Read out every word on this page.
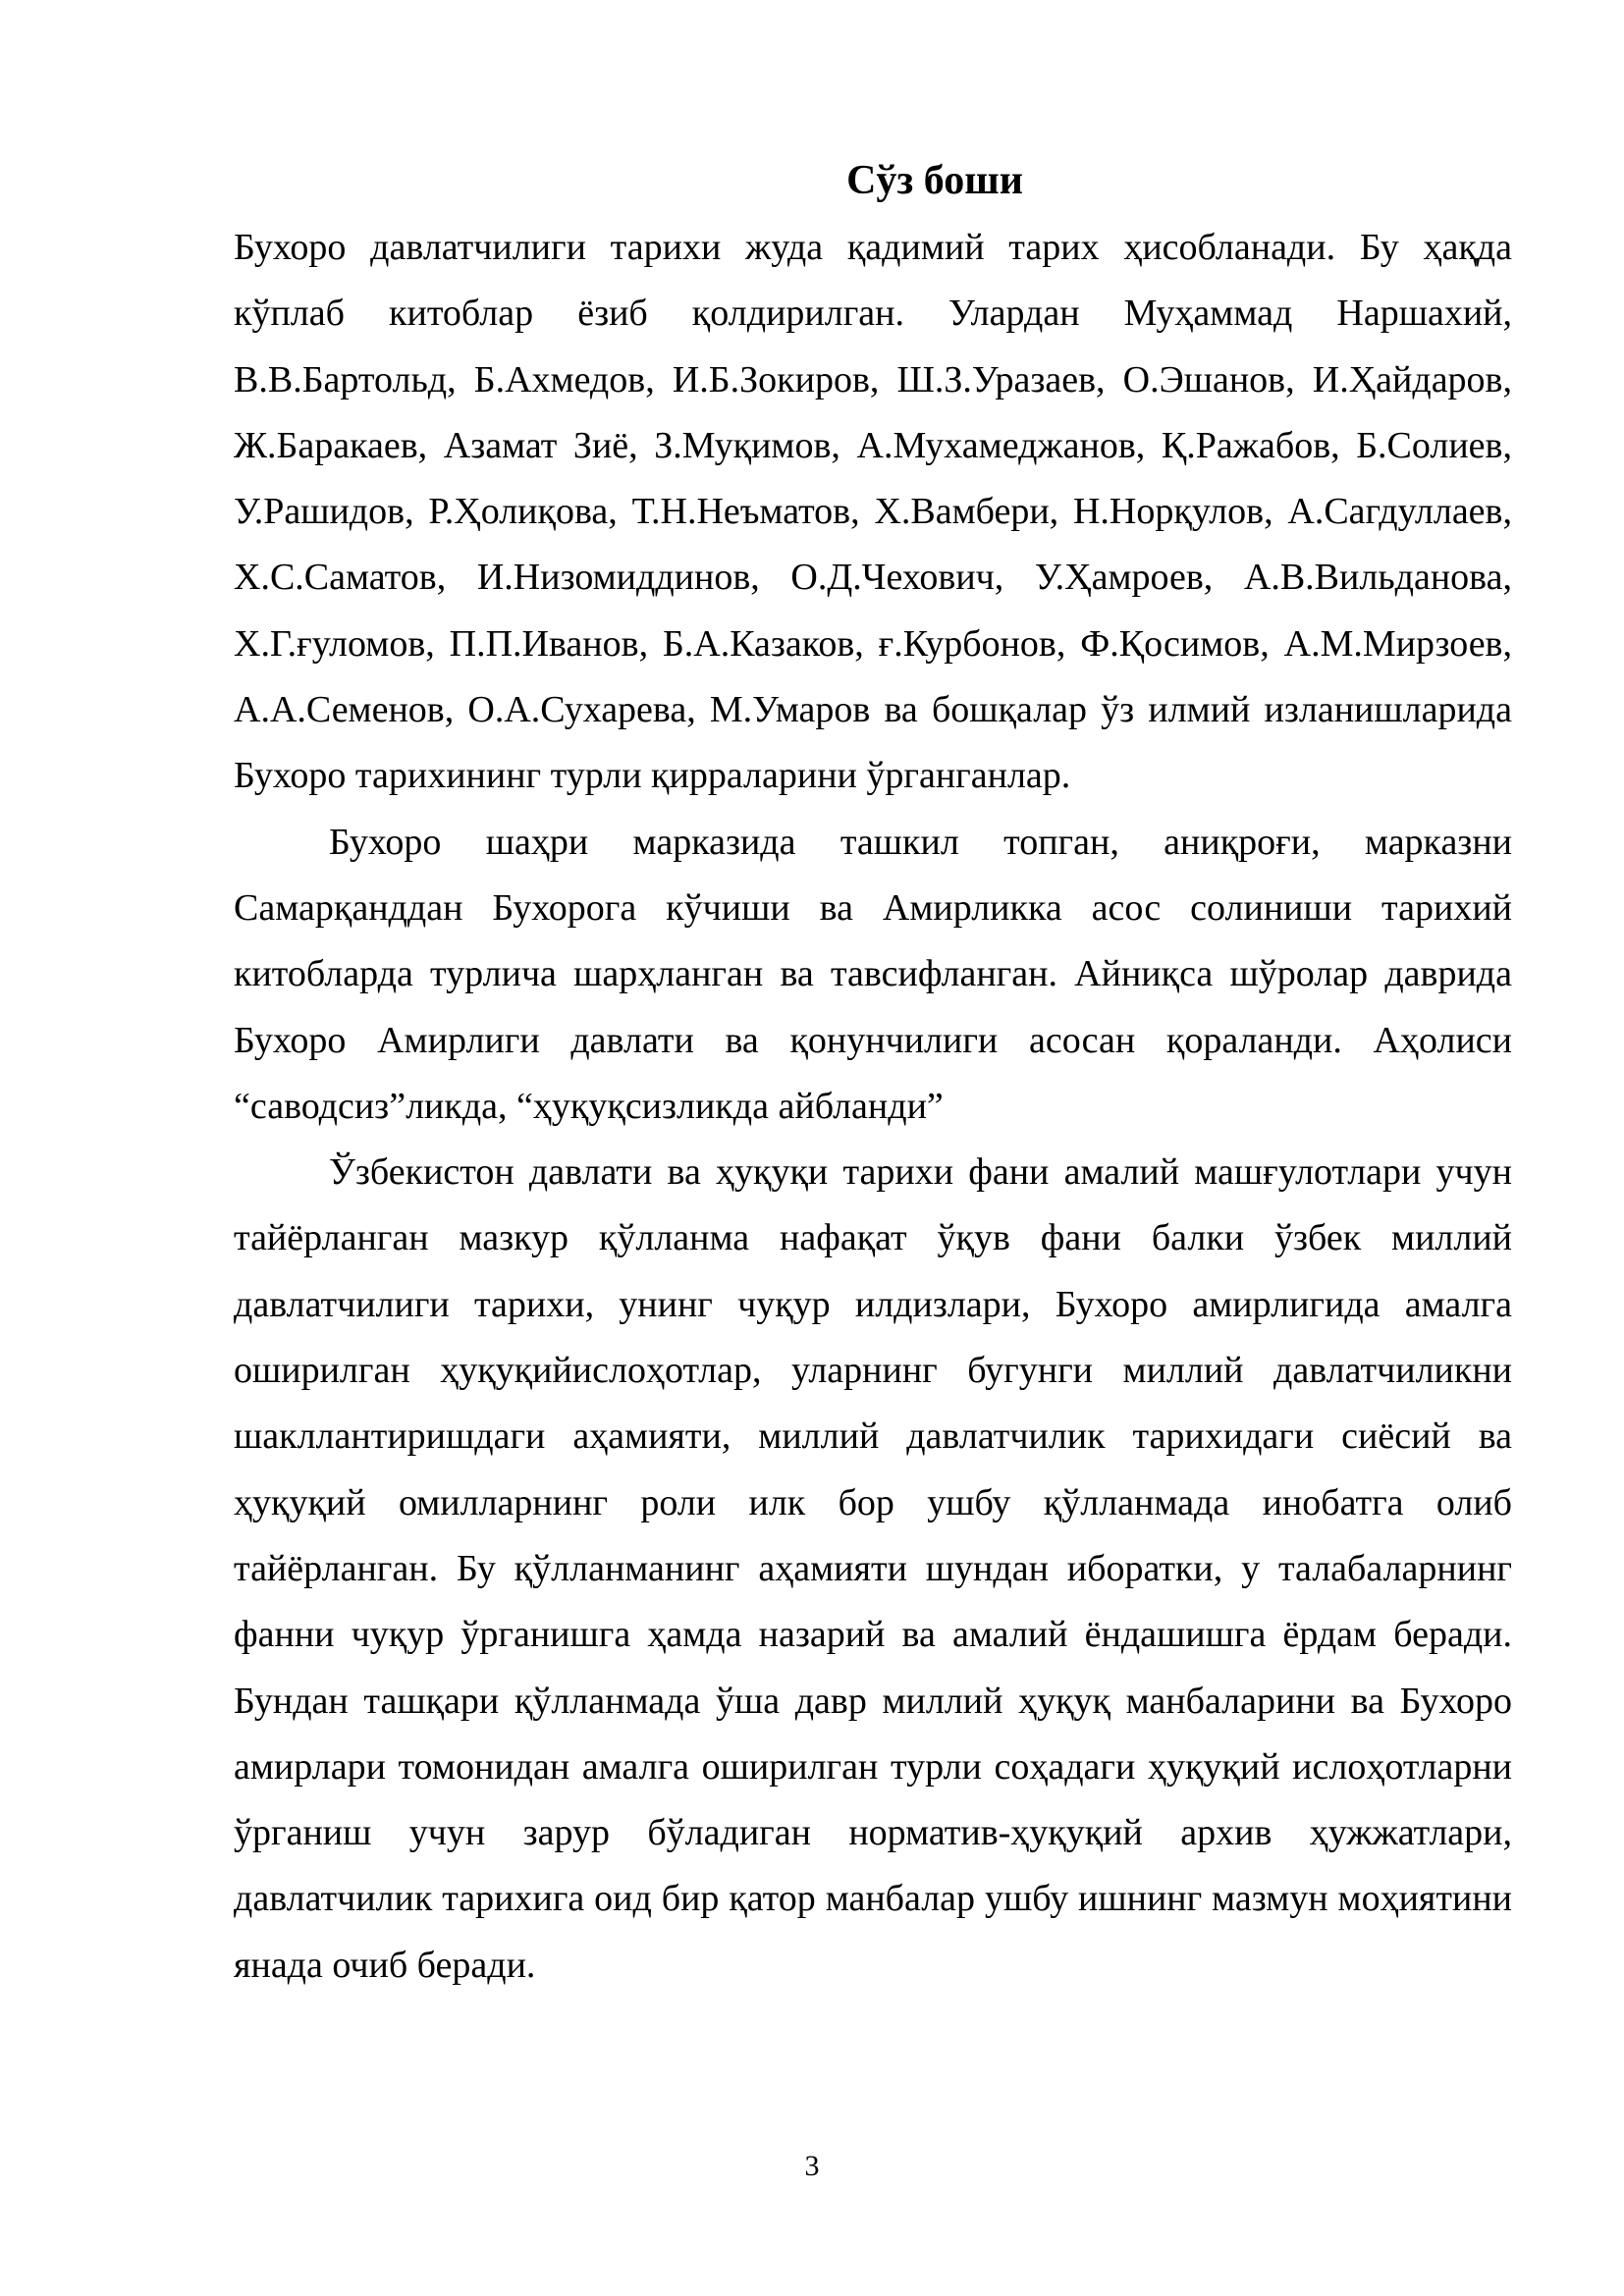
Сўз боши

Бухоро давлатчилиги тарихи жуда қадимий тарих ҳисобланади. Бу ҳақда кўплаб китоблар ёзиб қолдирилган. Улардан Муҳаммад Наршахий, В.В.Бартольд, Б.Ахмедов, И.Б.Зокиров, Ш.З.Уразаев, О.Эшанов, И.Ҳайдаров, Ж.Баракаев, Азамат Зиё, З.Муқимов, А.Мухамеджанов, Қ.Ражабов, Б.Солиев, У.Рашидов, Р.Ҳолиқова, Т.Н.Неъматов, Х.Вамбери, Н.Норқулов, А.Сагдуллаев, Х.С.Саматов, И.Низомиддинов, О.Д.Чехович, У.Ҳамроев, А.В.Вильданова, Х.Г.ғуломов, П.П.Иванов, Б.А.Казаков, ғ.Курбонов, Ф.Қосимов, А.М.Мирзоев, А.А.Семенов, О.А.Сухарева, М.Умаров ва бошқалар ўз илмий изланишларида Бухоро тарихининг турли қирраларини ўрганганлар.

Бухоро шаҳри марказида ташкил топган, аниқроғи, марказни Самарқанддан Бухорога кўчиши ва Амирликка асос солиниши тарихий китобларда турлича шарҳланган ва тавсифланган. Айниқса шўролар даврида Бухоро Амирлиги давлати ва қонунчилиги асосан қораланди. Аҳолиси “саводсиз”ликда, “ҳуқуқсизликда айбланди”

Ўзбекистон давлати ва ҳуқуқи тарихи фани амалий машғулотлари учун тайёрланган мазкур қўлланма нафақат ўқув фани балки ўзбек миллий давлатчилиги тарихи, унинг чуқур илдизлари, Бухоро амирлигида амалга оширилган ҳуқуқийислоҳотлар, уларнинг бугунги миллий давлатчиликни шакллантиришдаги аҳамияти, миллий давлатчилик тарихидаги сиёсий ва ҳуқуқий омилларнинг роли илк бор ушбу қўлланмада инобатга олиб тайёрланган. Бу қўлланманинг аҳамияти шундан иборатки, у талабаларнинг фанни чуқур ўрганишга ҳамда назарий ва амалий ёндашишга ёрдам беради. Бундан ташқари қўлланмада ўша давр миллий ҳуқуқ манбаларини ва Бухоро амирлари томонидан амалга оширилган турли соҳадаги ҳуқуқий ислоҳотларни ўрганиш учун зарур бўладиган норматив-ҳуқуқий архив ҳужжатлари, давлатчилик тарихига оид бир қатор манбалар ушбу ишнинг мазмун моҳиятини янада очиб беради.

3
